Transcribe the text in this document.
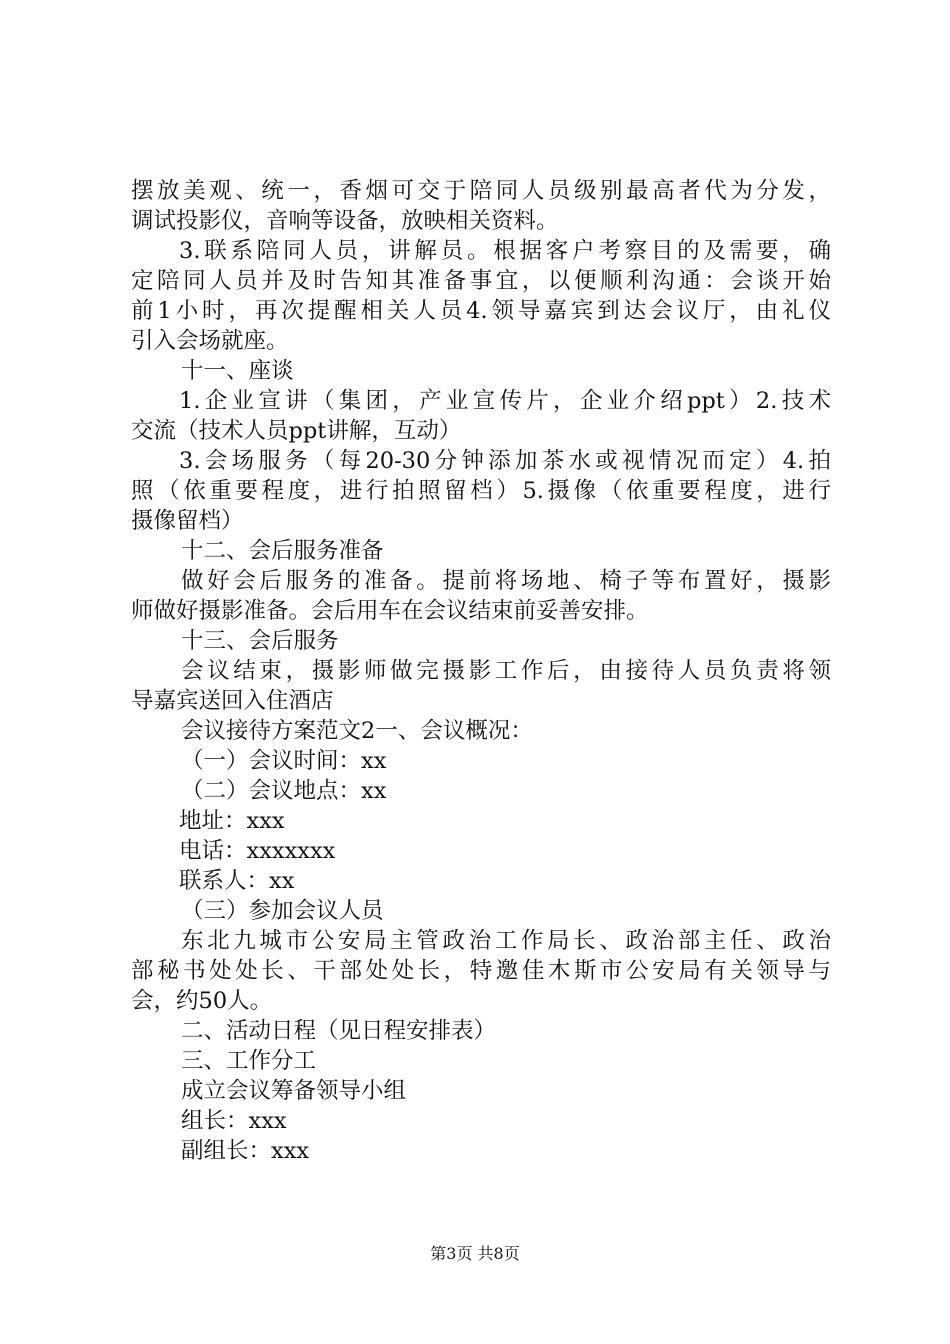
摆放美观、统一，香烟可交于陪同人员级别最高者代为分发，
调试投影仪，音响等设备，放映相关资料。
3.联系陪同人员，讲解员。根据客户考察目的及需要，确
定陪同人员并及时告知其准备事宜，以便顺利沟通：会谈开始
前1小时，再次提醒相关人员4.领导嘉宾到达会议厅，由礼仪
引入会场就座。
十一、座谈
1.企业宣讲（集团，产业宣传片，企业介绍ppt）2.技术
交流（技术人员ppt讲解，互动）
3.会场服务（每20-30分钟添加茶水或视情况而定）4.拍
照（依重要程度，进行拍照留档）5.摄像（依重要程度，进行
摄像留档）
十二、会后服务准备
做好会后服务的准备。提前将场地、椅子等布置好，摄影
师做好摄影准备。会后用车在会议结束前妥善安排。
十三、会后服务
会议结束，摄影师做完摄影工作后，由接待人员负责将领
导嘉宾送回入住酒店
会议接待方案范文2一、会议概况：
（一）会议时间：xx
（二）会议地点：xx
地址：xxx
电话：xxxxxxx
联系人：xx
（三）参加会议人员
东北九城市公安局主管政治工作局长、政治部主任、政治
部秘书处处长、干部处处长，特邀佳木斯市公安局有关领导与
会，约50人。
二、活动日程（见日程安排表）
三、工作分工
成立会议筹备领导小组
组长：xxx
副组长：xxx
第3页 共8页
